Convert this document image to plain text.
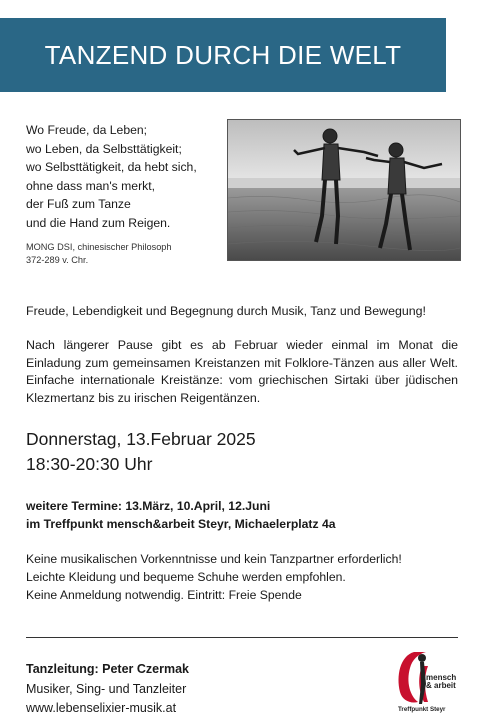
TANZEND DURCH DIE WELT
Wo Freude, da Leben;
wo Leben, da Selbsttätigkeit;
wo Selbsttätigkeit, da hebt sich,
ohne dass man's merkt,
der Fuß zum Tanze
und die Hand zum Reigen.
MONG DSI, chinesischer Philosoph
372-289 v. Chr.
Freude, Lebendigkeit und Begegnung durch Musik, Tanz und Bewegung!
Nach längerer Pause gibt es ab Februar wieder einmal im Monat die Einladung zum gemeinsamen Kreistanzen mit Folklore-Tänzen aus aller Welt. Einfache internationale Kreistänze: vom griechischen Sirtaki über jüdischen Klezmertanz bis zu irischen Reigentänzen.
Donnerstag, 13.Februar 2025
18:30-20:30 Uhr
weitere Termine: 13.März, 10.April, 12.Juni
im Treffpunkt mensch&arbeit Steyr, Michaelerplatz 4a
Keine musikalischen Vorkenntnisse und kein Tanzpartner erforderlich!
Leichte Kleidung und bequeme Schuhe werden empfohlen.
Keine Anmeldung notwendig. Eintritt: Freie Spende
Tanzleitung: Peter Czermak
Musiker, Sing- und Tanzleiter
www.lebenselixier-musik.at
mensch
& arbeit
Treffpunkt Steyr
